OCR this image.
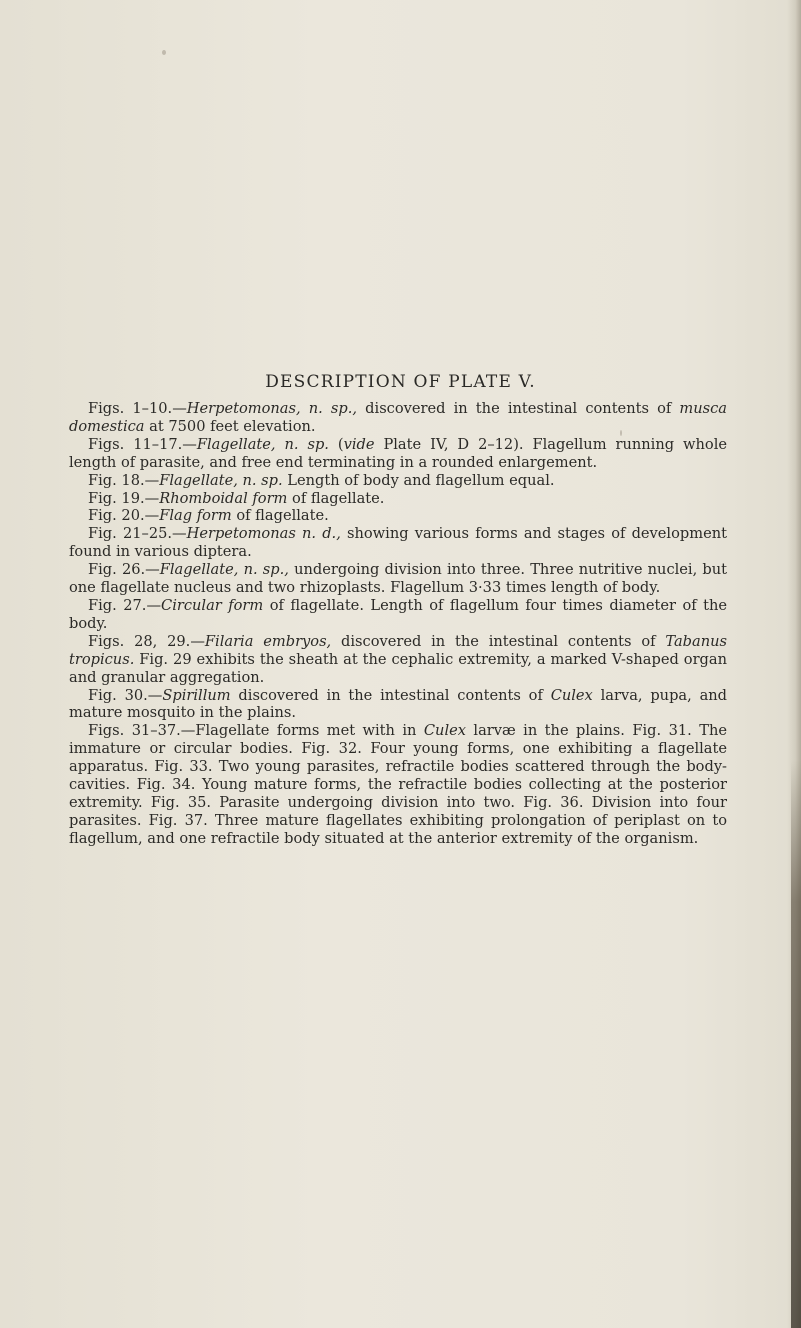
DESCRIPTION OF PLATE V.

Figs. 1–10.—Herpetomonas, n. sp., discovered in the intestinal contents of musca domestica at 7500 feet elevation.

Figs. 11–17.—Flagellate, n. sp. (vide Plate IV, D 2–12). Flagellum running whole length of parasite, and free end terminating in a rounded enlargement.

Fig. 18.—Flagellate, n. sp. Length of body and flagellum equal.

Fig. 19.—Rhomboidal form of flagellate.

Fig. 20.—Flag form of flagellate.

Fig. 21–25.—Herpetomonas n. d., showing various forms and stages of development found in various diptera.

Fig. 26.—Flagellate, n. sp., undergoing division into three. Three nutritive nuclei, but one flagellate nucleus and two rhizoplasts. Flagellum 3·33 times length of body.

Fig. 27.—Circular form of flagellate. Length of flagellum four times diameter of the body.

Figs. 28, 29.—Filaria embryos, discovered in the intestinal contents of Tabanus tropicus. Fig. 29 exhibits the sheath at the cephalic extremity, a marked V-shaped organ and granular aggregation.

Fig. 30.—Spirillum discovered in the intestinal contents of Culex larva, pupa, and mature mosquito in the plains.

Figs. 31–37.—Flagellate forms met with in Culex larvæ in the plains. Fig. 31. The immature or circular bodies. Fig. 32. Four young forms, one exhibiting a flagellate apparatus. Fig. 33. Two young parasites, refractile bodies scattered through the body-cavities. Fig. 34. Young mature forms, the refractile bodies collecting at the posterior extremity. Fig. 35. Parasite undergoing division into two. Fig. 36. Division into four parasites. Fig. 37. Three mature flagellates exhibiting prolongation of periplast on to flagellum, and one refractile body situated at the anterior extremity of the organism.
